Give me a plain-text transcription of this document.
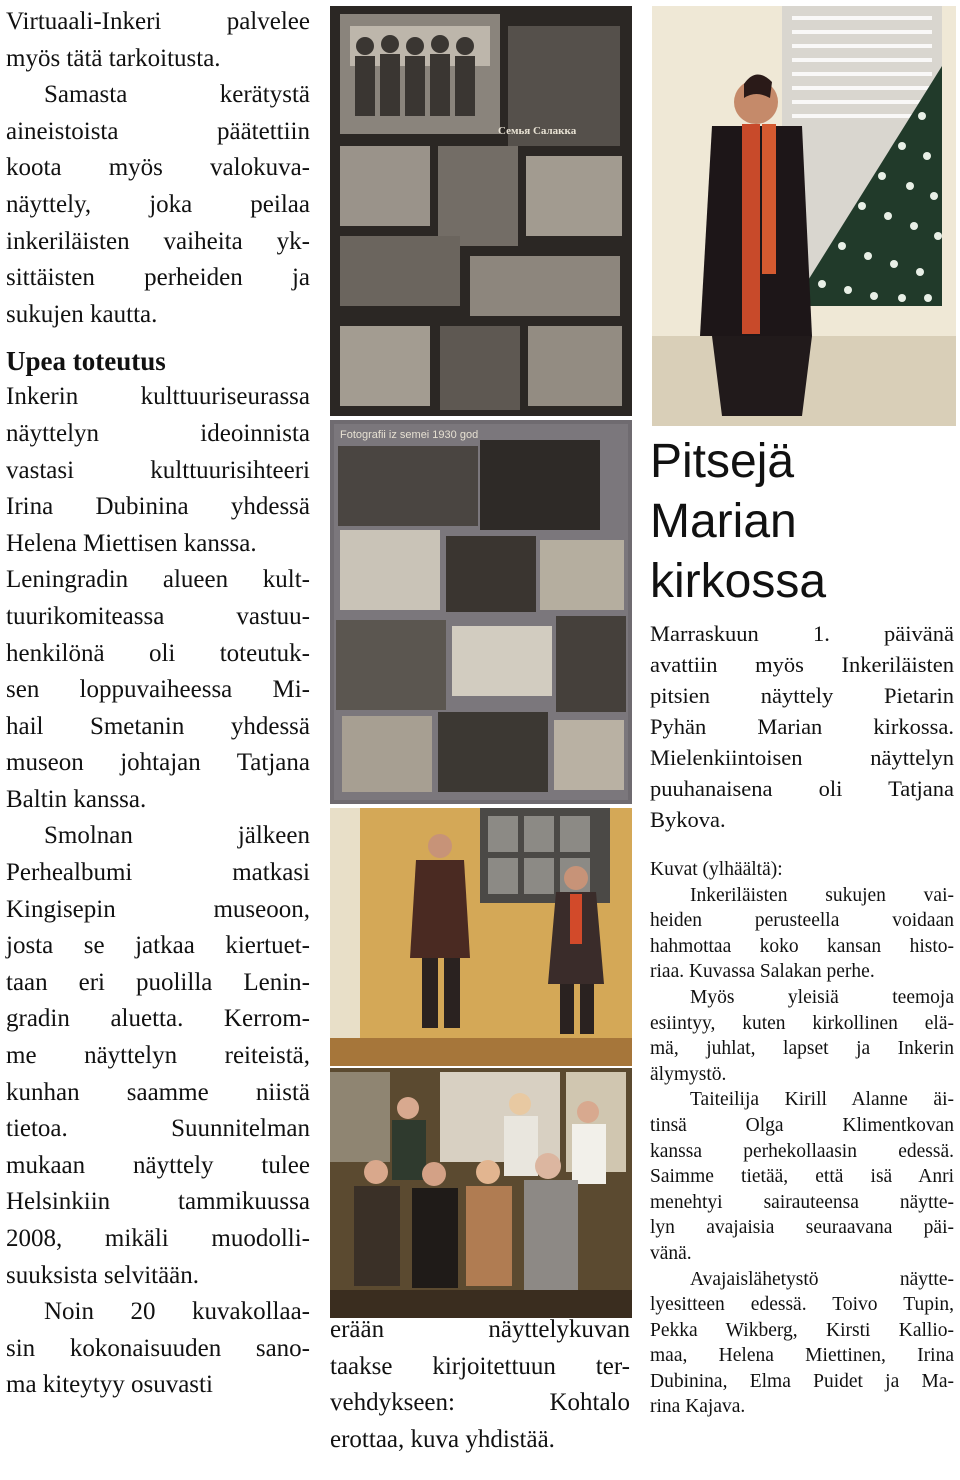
Virtuaali-Inkeri palvelee
myös tätä tarkoitusta.
Samasta kerätystä
aineistoista päätettiin
koota myös valokuva-
näyttely, joka peilaa
inkeriläisten vaiheita yk-
sittäisten perheiden ja
sukujen kautta.
Upea toteutus
Inkerin kulttuuriseurassa
näyttelyn ideoinnista
vastasi kulttuurisihteeri
Irina Dubinina yhdessä
Helena Miettisen kanssa.
Leningradin alueen kult-
tuurikomiteassa vastuu-
henkilönä oli toteutuk-
sen loppuvaiheessa Mi-
hail Smetanin yhdessä
museon johtajan Tatjana
Baltin kanssa.
Smolnan jälkeen
Perhealbumi matkasi
Kingisepin museoon,
josta se jatkaa kiertuet-
taan eri puolilla Lenin-
gradin aluetta. Kerrom-
me näyttelyn reiteistä,
kunhan saamme niistä
tietoa. Suunnitelman
mukaan näyttely tulee
Helsinkiin tammikuussa
2008, mikäli muodolli-
suuksista selvitään.
Noin 20 kuvakollaa-
sin kokonaisuuden sano-
ma kiteytyy osuvasti
Семья Салакка
Fotografii iz semei 1930 god
erään näyttelykuvan
taakse kirjoitettuun ter-
vehdykseen: Kohtalo
erottaa, kuva yhdistää.
Pitsejä Marian
kirkossa
Marraskuun 1. päivänä
avattiin myös Inkeriläisten
pitsien näyttely Pietarin
Pyhän Marian kirkossa.
Mielenkiintoisen näyttelyn
puuhanaisena oli Tatjana
Bykova.
Kuvat (ylhäältä):
Inkeriläisten sukujen vai-
heiden perusteella voidaan
hahmottaa koko kansan histo-
riaa. Kuvassa Salakan perhe.
Myös yleisiä teemoja
esiintyy, kuten kirkollinen elä-
mä, juhlat, lapset ja Inkerin
älymystö.
Taiteilija Kirill Alanne äi-
tinsä Olga Klimentkovan
kanssa perhekollaasin edessä.
Saimme tietää, että isä Anri
menehtyi sairauteensa näytte-
lyn avajaisia seuraavana päi-
vänä.
Avajaislähetystö näytte-
lyesitteen edessä. Toivo Tupin,
Pekka Wikberg, Kirsti Kallio-
maa, Helena Miettinen, Irina
Dubinina, Elma Puidet ja Ma-
rina Kajava.
